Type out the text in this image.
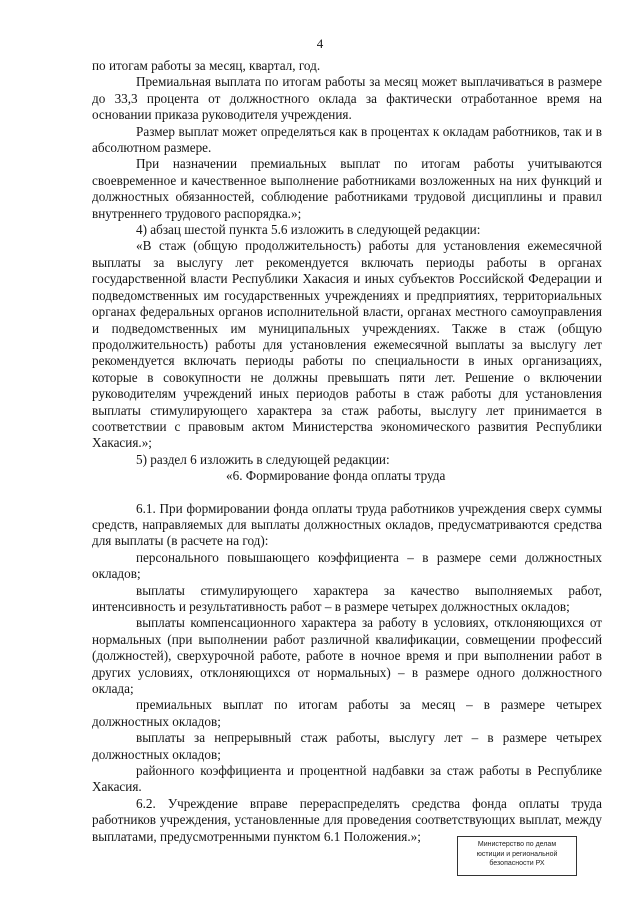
4

по итогам работы за месяц, квартал, год.

Премиальная выплата по итогам работы за месяц может выплачиваться в размере до 33,3 процента от должностного оклада за фактически отработанное время на основании приказа руководителя учреждения.

Размер выплат может определяться как в процентах к окладам работников, так и в абсолютном размере.

При назначении премиальных выплат по итогам работы учитываются своевременное и качественное выполнение работниками возложенных на них функций и должностных обязанностей, соблюдение работниками трудовой дисциплины и правил внутреннего трудового распорядка.»;

4) абзац шестой пункта 5.6 изложить в следующей редакции:

«В стаж (общую продолжительность) работы для установления ежемесячной выплаты за выслугу лет рекомендуется включать периоды работы в органах государственной власти Республики Хакасия и иных субъектов Российской Федерации и подведомственных им государственных учреждениях и предприятиях, территориальных органах федеральных органов исполнительной власти, органах местного самоуправления и подведомственных им муниципальных учреждениях. Также в стаж (общую продолжительность) работы для установления ежемесячной выплаты за выслугу лет рекомендуется включать периоды работы по специальности в иных организациях, которые в совокупности не должны превышать пяти лет. Решение о включении руководителям учреждений иных периодов работы в стаж работы для установления выплаты стимулирующего характера за стаж работы, выслугу лет принимается в соответствии с правовым актом Министерства экономического развития Республики Хакасия.»;

5) раздел 6 изложить в следующей редакции:

«6. Формирование фонда оплаты труда

6.1. При формировании фонда оплаты труда работников учреждения сверх суммы средств, направляемых для выплаты должностных окладов, предусматриваются средства для выплаты (в расчете на год):

персонального повышающего коэффициента – в размере семи должностных окладов;

выплаты стимулирующего характера за качество выполняемых работ, интенсивность и результативность работ – в размере четырех должностных окладов;

выплаты компенсационного характера за работу в условиях, отклоняющихся от нормальных (при выполнении работ различной квалификации, совмещении профессий (должностей), сверхурочной работе, работе в ночное время и при выполнении работ в других условиях, отклоняющихся от нормальных) – в размере одного должностного оклада;

премиальных выплат по итогам работы за месяц – в размере четырех должностных окладов;

выплаты за непрерывный стаж работы, выслугу лет – в размере четырех должностных окладов;

районного коэффициента и процентной надбавки за стаж работы в Республике Хакасия.

6.2. Учреждение вправе перераспределять средства фонда оплаты труда работников учреждения, установленные для проведения соответствующих выплат, между выплатами, предусмотренными пунктом 6.1 Положения.»;

Министерство по делам
юстиции и региональной
безопасности РХ
